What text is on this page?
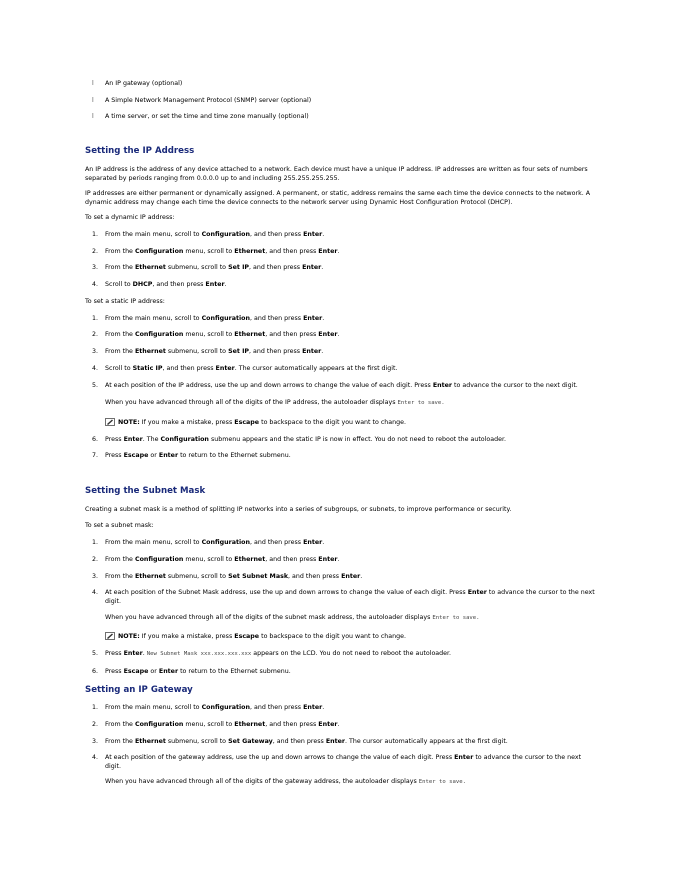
l An IP gateway (optional)
l A Simple Network Management Protocol (SNMP) server (optional)
l A time server, or set the time and time zone manually (optional)
Setting the IP Address
An IP address is the address of any device attached to a network. Each device must have a unique IP address. IP addresses are written as four sets of numbers separated by periods ranging from 0.0.0.0 up to and including 255.255.255.255.
IP addresses are either permanent or dynamically assigned. A permanent, or static, address remains the same each time the device connects to the network. A dynamic address may change each time the device connects to the network server using Dynamic Host Configuration Protocol (DHCP).
To set a dynamic IP address:
1. From the main menu, scroll to Configuration, and then press Enter.
2. From the Configuration menu, scroll to Ethernet, and then press Enter.
3. From the Ethernet submenu, scroll to Set IP, and then press Enter.
4. Scroll to DHCP, and then press Enter.
To set a static IP address:
1. From the main menu, scroll to Configuration, and then press Enter.
2. From the Configuration menu, scroll to Ethernet, and then press Enter.
3. From the Ethernet submenu, scroll to Set IP, and then press Enter.
4. Scroll to Static IP, and then press Enter. The cursor automatically appears at the first digit.
5. At each position of the IP address, use the up and down arrows to change the value of each digit. Press Enter to advance the cursor to the next digit.
When you have advanced through all of the digits of the IP address, the autoloader displays Enter to save.
NOTE: If you make a mistake, press Escape to backspace to the digit you want to change.
6. Press Enter. The Configuration submenu appears and the static IP is now in effect. You do not need to reboot the autoloader.
7. Press Escape or Enter to return to the Ethernet submenu.
Setting the Subnet Mask
Creating a subnet mask is a method of splitting IP networks into a series of subgroups, or subnets, to improve performance or security.
To set a subnet mask:
1. From the main menu, scroll to Configuration, and then press Enter.
2. From the Configuration menu, scroll to Ethernet, and then press Enter.
3. From the Ethernet submenu, scroll to Set Subnet Mask, and then press Enter.
4. At each position of the Subnet Mask address, use the up and down arrows to change the value of each digit. Press Enter to advance the cursor to the next digit.
When you have advanced through all of the digits of the subnet mask address, the autoloader displays Enter to save.
NOTE: If you make a mistake, press Escape to backspace to the digit you want to change.
5. Press Enter. New Subnet Mask xxx.xxx.xxx.xxx appears on the LCD. You do not need to reboot the autoloader.
6. Press Escape or Enter to return to the Ethernet submenu.
Setting an IP Gateway
1. From the main menu, scroll to Configuration, and then press Enter.
2. From the Configuration menu, scroll to Ethernet, and then press Enter.
3. From the Ethernet submenu, scroll to Set Gateway, and then press Enter. The cursor automatically appears at the first digit.
4. At each position of the gateway address, use the up and down arrows to change the value of each digit. Press Enter to advance the cursor to the next digit.
When you have advanced through all of the digits of the gateway address, the autoloader displays Enter to save.
